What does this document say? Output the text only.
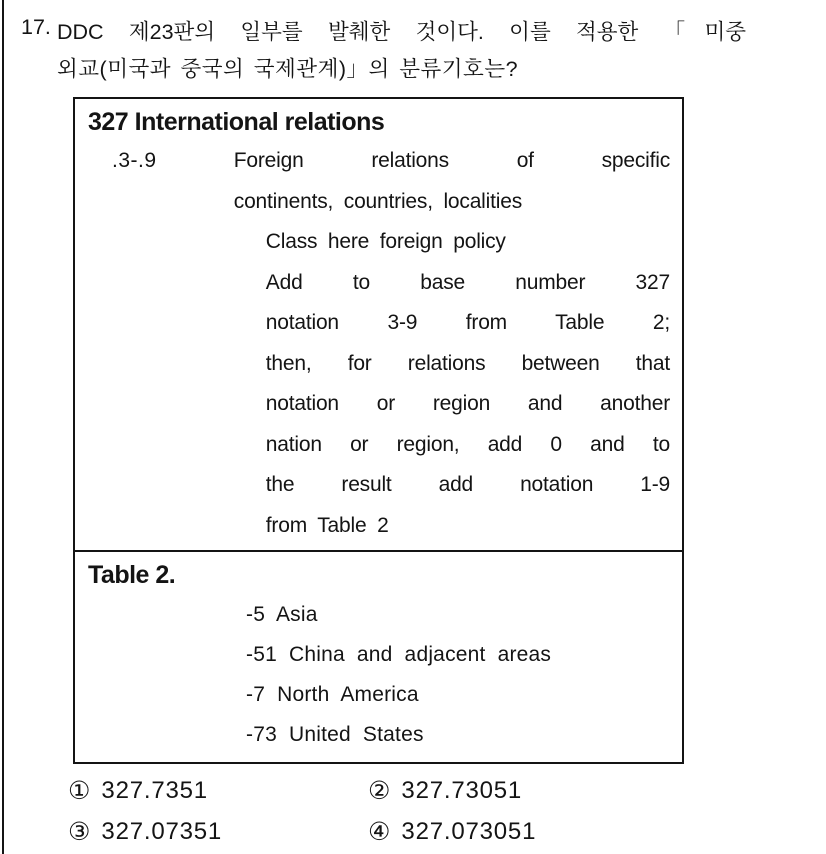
17. DDC 제23판의 일부를 발췌한 것이다. 이를 적용한 「미중
외교(미국과 중국의 국제관계)」의 분류기호는?
327 International relations
.3-.9	Foreign relations of specific
continents, countries, localities
Class here foreign policy
Add to base number 327
notation 3-9 from Table 2;
then, for relations between that
notation or region and another
nation or region, add 0 and to
the result add notation 1-9
from Table 2
Table 2.
-5 Asia
-51 China and adjacent areas
-7 North America
-73 United States
① 327.7351	② 327.73051
③ 327.07351	④ 327.073051
